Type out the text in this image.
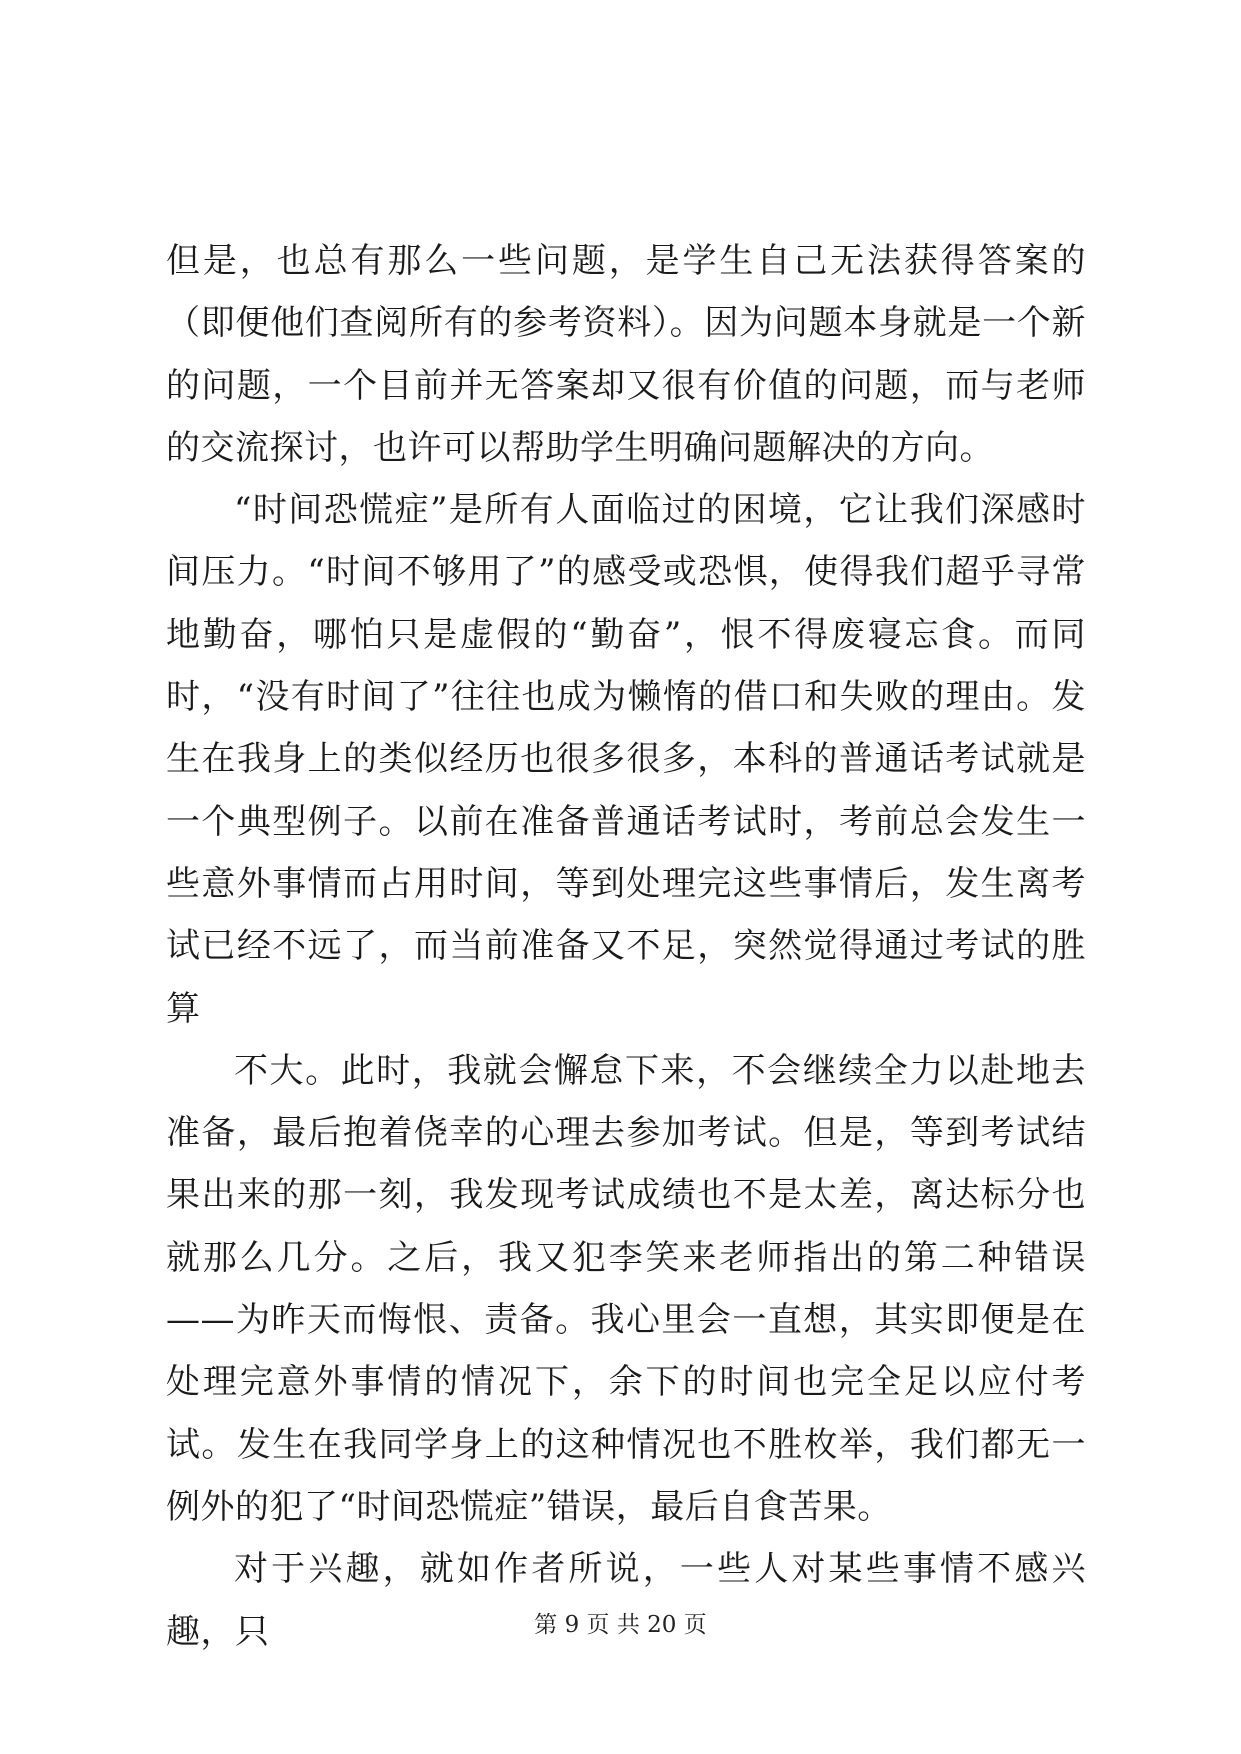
但是，也总有那么一些问题，是学生自己无法获得答案的（即便他们查阅所有的参考资料）。因为问题本身就是一个新的问题，一个目前并无答案却又很有价值的问题，而与老师的交流探讨，也许可以帮助学生明确问题解决的方向。

“时间恐慌症”是所有人面临过的困境，它让我们深感时间压力。“时间不够用了”的感受或恐惧，使得我们超乎寻常地勤奋，哪怕只是虚假的“勤奋”，恨不得废寝忘食。而同时，“没有时间了”往往也成为懒惰的借口和失败的理由。发生在我身上的类似经历也很多很多，本科的普通话考试就是一个典型例子。以前在准备普通话考试时，考前总会发生一些意外事情而占用时间，等到处理完这些事情后，发生离考试已经不远了，而当前准备又不足，突然觉得通过考试的胜算

不大。此时，我就会懈怠下来，不会继续全力以赴地去准备，最后抱着侥幸的心理去参加考试。但是，等到考试结果出来的那一刻，我发现考试成绩也不是太差，离达标分也就那么几分。之后，我又犯李笑来老师指出的第二种错误——为昨天而悔恨、责备。我心里会一直想，其实即便是在处理完意外事情的情况下，余下的时间也完全足以应付考试。发生在我同学身上的这种情况也不胜枚举，我们都无一例外的犯了“时间恐慌症”错误，最后自食苦果。

对于兴趣，就如作者所说，一些人对某些事情不感兴趣，只	第 9 页 共 20 页
